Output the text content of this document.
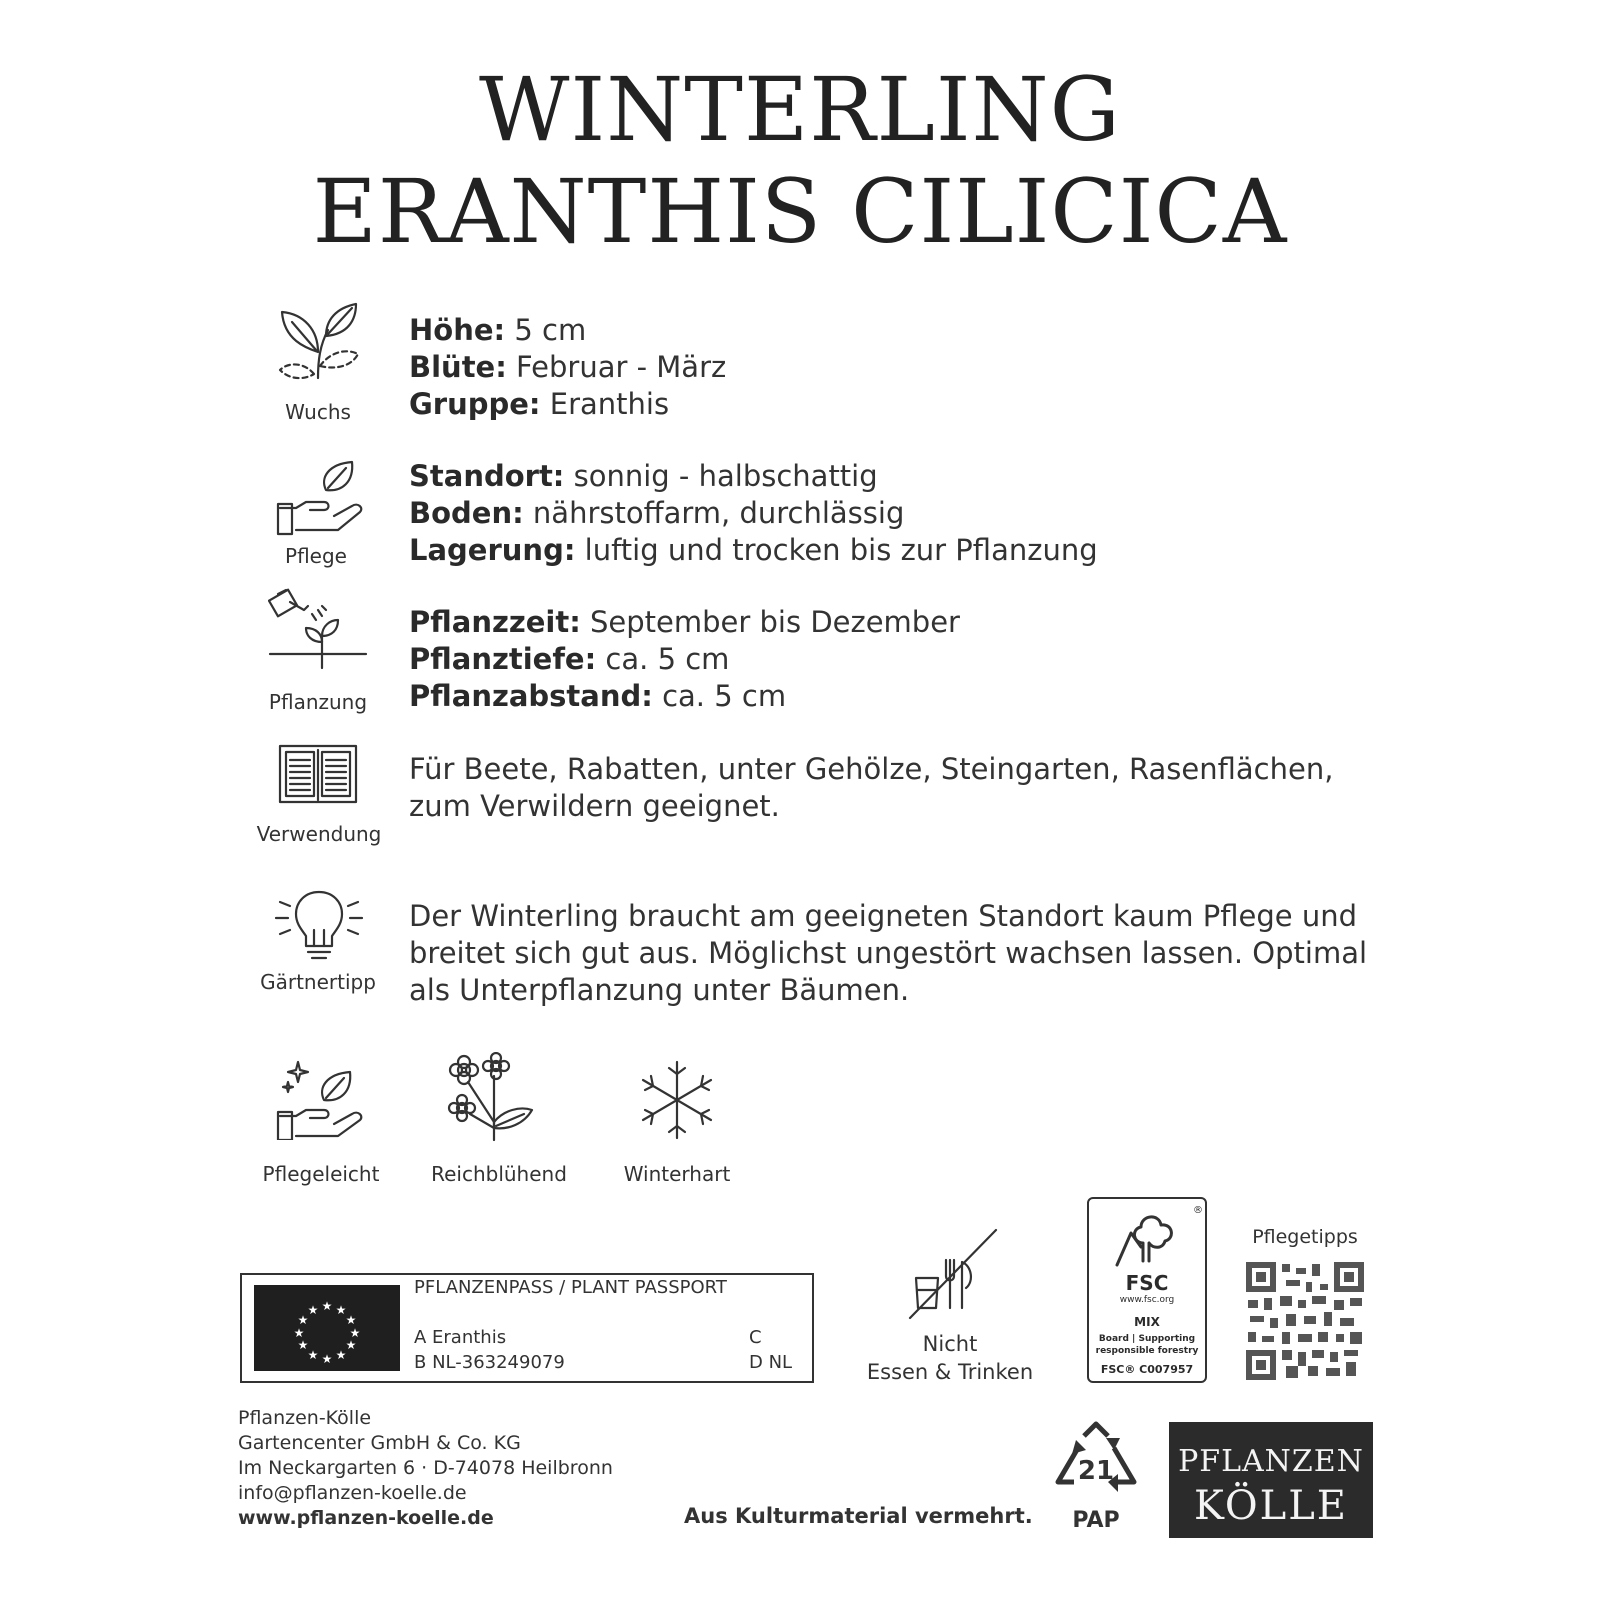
WINTERLING
ERANTHIS CILICICA
Wuchs
Höhe: 5 cm
Blüte: Februar - März
Gruppe: Eranthis
Pflege
Standort: sonnig - halbschattig
Boden: nährstoffarm, durchlässig
Lagerung: luftig und trocken bis zur Pflanzung
Pflanzung
Pflanzzeit: September bis Dezember
Pflanztiefe: ca. 5 cm
Pflanzabstand: ca. 5 cm
Verwendung
Für Beete, Rabatten, unter Gehölze, Steingarten, Rasenflächen, zum Verwildern geeignet.
Gärtnertipp
Der Winterling braucht am geeigneten Standort kaum Pflege und breitet sich gut aus. Möglichst ungestört wachsen lassen. Optimal als Unterpflanzung unter Bäumen.
Pflegeleicht	Reichblühend	Winterhart
★ ★
★
★
★
★
★
★
★
★
★
★
PFLANZENPASS / PLANT PASSPORT
A Eranthis
B NL-363249079
C
D NL
Nicht
Essen & Trinken
®
FSC
www.fsc.org
MIX
Board | Supporting
responsible forestry
FSC® C007957
Pflegetipps
Pflanzen-Kölle
Gartencenter GmbH & Co. KG
Im Neckargarten 6 · D-74078 Heilbronn
info@pflanzen-koelle.de
www.pflanzen-koelle.de	Aus Kulturmaterial vermehrt.
21
PAP
PFLANZEN
KÖLLE
